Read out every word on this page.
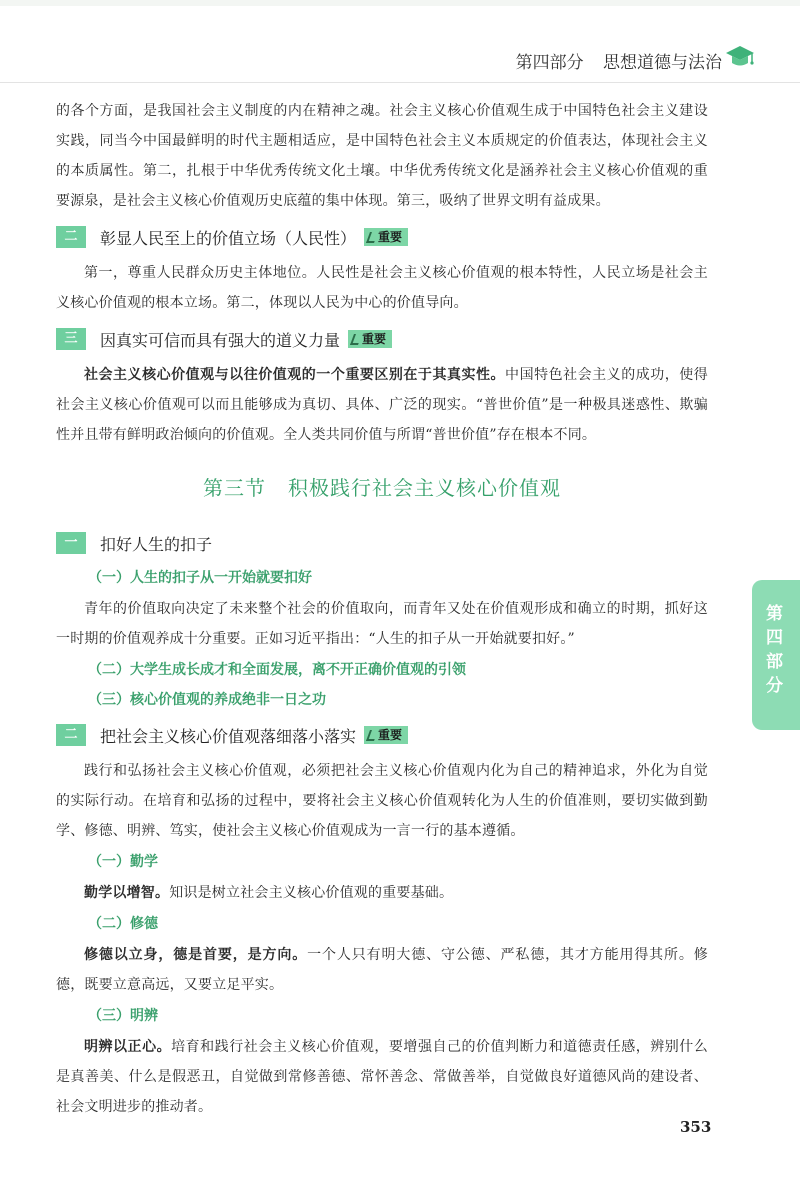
第四部分 思想道德与法治

的各个方面，是我国社会主义制度的内在精神之魂。社会主义核心价值观生成于中国特色社会主义建设实践，同当今中国最鲜明的时代主题相适应，是中国特色社会主义本质规定的价值表达，体现社会主义的本质属性。第二，扎根于中华优秀传统文化土壤。中华优秀传统文化是涵养社会主义核心价值观的重要源泉，是社会主义核心价值观历史底蕴的集中体现。第三，吸纳了世界文明有益成果。

二	彰显人民至上的价值立场（人民性）	重要

第一，尊重人民群众历史主体地位。人民性是社会主义核心价值观的根本特性，人民立场是社会主义核心价值观的根本立场。第二，体现以人民为中心的价值导向。

三	因真实可信而具有强大的道义力量	重要

社会主义核心价值观与以往价值观的一个重要区别在于其真实性。中国特色社会主义的成功，使得社会主义核心价值观可以而且能够成为真切、具体、广泛的现实。“普世价值”是一种极具迷惑性、欺骗性并且带有鲜明政治倾向的价值观。全人类共同价值与所谓“普世价值”存在根本不同。

第三节 积极践行社会主义核心价值观
一	扣好人生的扣子
（一）人生的扣子从一开始就要扣好

青年的价值取向决定了未来整个社会的价值取向，而青年又处在价值观形成和确立的时期，抓好这一时期的价值观养成十分重要。正如习近平指出：“人生的扣子从一开始就要扣好。”

（二）大学生成长成才和全面发展，离不开正确价值观的引领
（三）核心价值观的养成绝非一日之功
二	把社会主义核心价值观落细落小落实	重要

践行和弘扬社会主义核心价值观，必须把社会主义核心价值观内化为自己的精神追求，外化为自觉的实际行动。在培育和弘扬的过程中，要将社会主义核心价值观转化为人生的价值准则，要切实做到勤学、修德、明辨、笃实，使社会主义核心价值观成为一言一行的基本遵循。

（一）勤学

勤学以增智。知识是树立社会主义核心价值观的重要基础。

（二）修德

修德以立身，德是首要，是方向。一个人只有明大德、守公德、严私德，其才方能用得其所。修德，既要立意高远，又要立足平实。

（三）明辨

明辨以正心。培育和践行社会主义核心价值观，要增强自己的价值判断力和道德责任感，辨别什么是真善美、什么是假恶丑，自觉做到常修善德、常怀善念、常做善举，自觉做良好道德风尚的建设者、社会文明进步的推动者。

第四部分
353
